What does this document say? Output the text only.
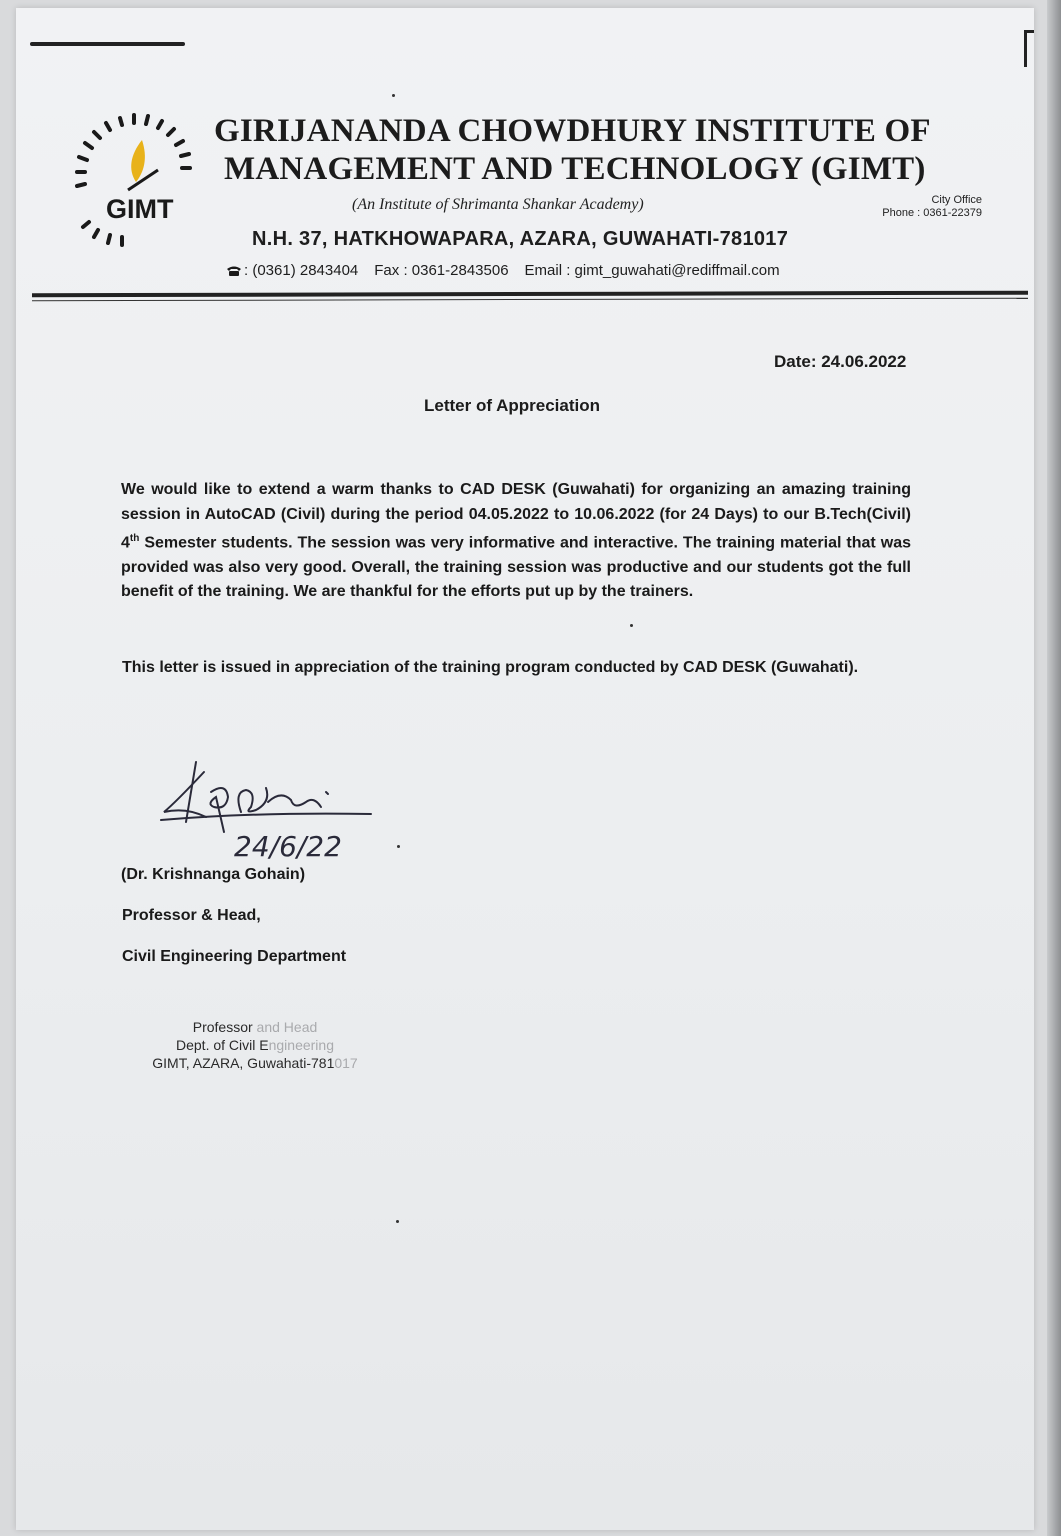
GIMT
GIRIJANANDA CHOWDHURY INSTITUTE OF
MANAGEMENT AND TECHNOLOGY (GIMT)
(An Institute of Shrimanta Shankar Academy)	City Office
Phone : 0361-22379
N.H. 37, HATKHOWAPARA, AZARA, GUWAHATI-781017
: (0361) 2843404 Fax : 0361-2843506 Email : gimt_guwahati@rediffmail.com
Date: 24.06.2022
Letter of Appreciation
We would like to extend a warm thanks to CAD DESK (Guwahati) for organizing an amazing training session in AutoCAD (Civil) during the period 04.05.2022 to 10.06.2022 (for 24 Days) to our B.Tech(Civil) 4th Semester students. The session was very informative and interactive. The training material that was provided was also very good. Overall, the training session was productive and our students got the full benefit of the training. We are thankful for the efforts put up by the trainers.
This letter is issued in appreciation of the training program conducted by CAD DESK (Guwahati).
24/6/22
(Dr. Krishnanga Gohain)
Professor & Head,
Civil Engineering Department
Professor and Head
Dept. of Civil Engineering
GIMT, AZARA, Guwahati-781017
